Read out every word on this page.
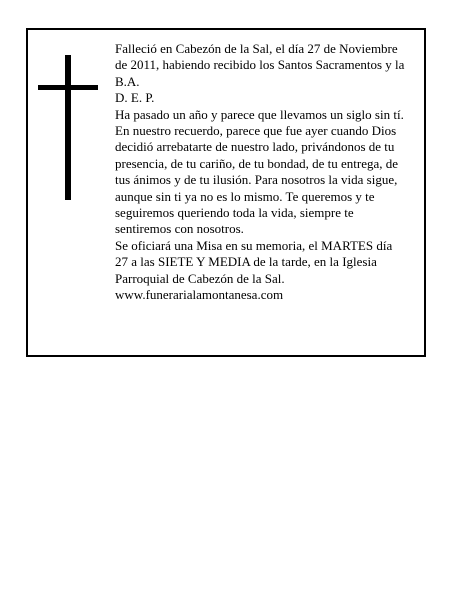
Falleció en Cabezón de la Sal, el día 27 de Noviembre
de 2011, habiendo recibido los Santos Sacramentos y la
B.A.

D. E. P.

Ha pasado un año y parece que llevamos un siglo sin tí.
En nuestro recuerdo, parece que fue ayer cuando Dios
decidió arrebatarte de nuestro lado, privándonos de tu
presencia, de tu cariño, de tu bondad, de tu entrega, de
tus ánimos y de tu ilusión. Para nosotros la vida sigue,
aunque sin ti ya no es lo mismo. Te queremos y te
seguiremos queriendo toda la vida, siempre te
sentiremos con nosotros.

Se oficiará una Misa en su memoria, el MARTES día
27 a las SIETE Y MEDIA de la tarde, en la Iglesia
Parroquial de Cabezón de la Sal.

www.funerarialamontanesa.com
